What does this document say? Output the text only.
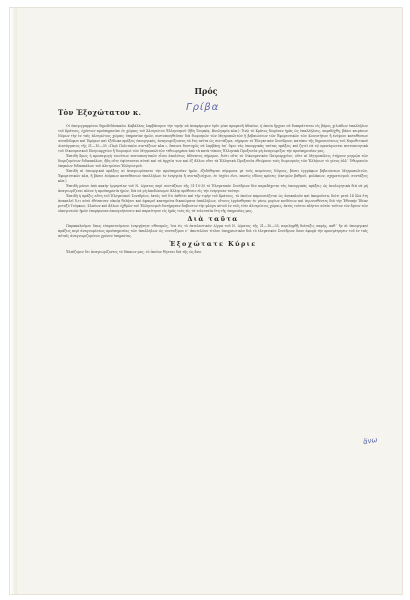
Πρός
Τὸν Ἐξοχώτατον κ.	Γρίβα
ἄνω

Οἱ ὑπογεγραμμένοι δημοδιδάσκαλοι Καβάλλας λαμβάνομεν τὴν τιμὴν νὰ ἀναφέρωμεν ὑμῖν μίαν προφανῆ ἀδικίαν, ἡ ὁποία ἤρχισε νὰ διαπράττεται εἰς βάρος χιλιάδων ὑπαλλήλων τοῦ Κράτους, ἐχόντων προϋπηρεσίαν ἐν χώραις τοῦ Ἀλυτρώτου Ἑλληνισμοῦ (ἤδη Τουρκίᾳ, Βουλγαρίᾳ κλπ.): Ἐνῷ τὸ Κράτος διορίσαν ἡμᾶς ὡς ὑπαλλήλους, παρεδέχθη, βάσει κειμένων Νόμων τὴν ἐν ταῖς ἀλυτρώτοις χώραις ὑπηρεσίαν ἡμῶν, πιστοποιηθεῖσαν διὰ διορισμῶν τῶν Μητροπολιτῶν ἢ βεβαιώσεων τῶν Ἐφορευτικῶν τῶν Κοινοτήτων ἢ ἐνόψιον καταθέσεων συναδέλφων καὶ Ἐφόρων καὶ ἐξέδωκε πράξεις ὑπουργικάς, ἀναγνωρίζουσας τὰ ἔτη ταῦτα ὡς συντάξιμα, σήμερον τὸ Ἐλεγκτικὸν Συνέδριον, κατόπιν τῆς δημοσιεύσεως τοῦ Νομοθετικοῦ Διατάγματος τῆς 31—10—35 «Περὶ Πολιτικῶν συντάξεων κλπ.», ἔπαυσε δυστυχῶς νὰ λαμβάνῃ ὑπ᾽ ὄψιν τὰς ὑπουργικὰς ταύτας πράξεις καὶ ζητεῖ νὰ τῷ προσάγωνται πιστοποιητικὰ τοῦ Οἰκουμενικοῦ Πατριαρχείου ἢ διορισμοὶ τῶν Μητροπολιτῶν τεθεωρημένα ἀπὸ τὰ κατὰ τόπους Ἑλληνικὰ Προξενεῖα μὴ ἀναγνωρίζον τὴν προϋπηρεσίαν μας.

Ἐπειδὴ δμως ἡ προσαγωγὴ τοιούτων πιστοποιητικῶν εἶναι ἀπολύτως ἀδύνατος σήμερον, διότι οὔτε τὸ Οἰκουμενικὸν Πατριαρχεῖον, οὔτε αἱ Μητροπόλεις ἐτήρουν μητρῷα τῶν διοριζομένων διδασκάλων, ἤδη οὔτε ὑφίστανται αὐταὶ καὶ τὰ ἀρχεῖα των καὶ ἐξ ἄλλου οὔτε τὰ Ἑλληνικὰ Προξενεῖα ἐθεώρουν τοὺς διορισμοὺς τῶν Ἑλλήνων τὸ γένος ἀλλ᾽ Ὀθωμανῶν ὑπηκόων διδασκάλων τοῦ ἀλυτρώτου Ἑλληνισμοῦ.

Ἐπειδὴ αἱ ὑπουργικαὶ πράξεις αἱ ἀναγνωρίσασαι τὴν προϋπηρεσίαν ἡμῶν, ἐξεδόθησαν σύμφωνα μὲ τοὺς κειμένους Νόμους, βάσει ἐγγράφων βεβαιώσεων Μητροπολιτῶν, Ἐφορευτικῶν κλπ, ἢ βάσει ἐνόρκων καταθέσεων ὑπαλλήλων ἐν ἐνεργείᾳ ἢ συνταξιούχων, ἐν ἰσχύει εἰσι, πανεὶς εἴδους κρίσεις (ἐκτιμῶν βαθμοῦ, φυλάκιον, σχηματισμοῦ, συντάξεις κλπ.)

Ἐπειδὴ μόνον ἀπὸ κακὴν ἑρμηνείαν τοῦ Ν. Δ/ματος περὶ συντάξεων τῆς 31-10-35 τὸ Ἐλεγκτικὸν Συνέδριον δὲν παραδέχεται τὰς ὑπουργικὰς πράξεις ὡς ἀνολογητικὰ διὰ νὰ μὴ ἀναγνωρίζεται πλέον ἡ προϋπηρεσία ἡμῶν, διὰ νὰ μὴ ἀποδώσωμεν ἄλλην πρόθεσιν εἰς τὴν ἐνέργειαν ταύτην.

Ἐπειδὴ ἡ πρᾶξις αὕτη τοῦ Ἐλεγκτικοῦ Συνεδρίου, ἐκτὸς τοῦ ὅτι ἐκθέτει καὶ τὴν τιμὴν τοῦ Κράτους, τὸ ὁποῖον παρουσιάζεται ὡς ἀνακαλοῦν καὶ ἀκυροῦντα, διότι μετὰ 14 ὅλα ἔτη ἀνακαλεῖ δ,τι αὐτὸ ἐθέσπισεν οἰκείᾳ θελήσει καὶ ἀφαιρεῖ κεκτημένα δικαιώματα ὑπαλλήλων, οἵτινες ἐργάσθησαν ἐν μέσῳ μυρίων κινδύνων καὶ ἀγωνισθέντες διὰ τὴν Ἐθνικὴν Ἰδέαν μεταξὺ Τούρκων, Σλαύων καὶ ἄλλων ἐχθρῶν τοῦ Ἑλληνισμοῦ διετήρησαν ἄσβεστον τὴν φλόγα αὐτοῦ ἐν ταῖς τότε ἀλυτρώτοις χώραις, ἐκτὸς τούτου πλήττει αὐτὸν τοῦτον τὸν ἄρτον τῶν οἰκογενειῶν ἡμῶν ἐπιφέρουσα ἀποογοήτευσιν καὶ παραίτησιν εἰς ἡμᾶς τοὺς εἰς τὰ τελευταῖα ἔτη τῆς ὑπηρεσίας μας,

Διὰ ταῦτα

Παρακαλοῦμεν ὅπως εὐαρεστούμενοι ἐνεργήσητε σθεναρῶς, ἵνα εἰς τὸ ἐκτελεστικὸν Δ/γμα τοῦ Ν. Δ/ματος τῆς 31—10—35, περιληφθῇ διάταξις σαφής, καθ᾽ ἣν αἱ ὑπουργικαὶ πράξεις περὶ ἀναγνωρίσεως προϋπηρεσίας τῶν ὑπαλλήλων ὡς συνταξίμου ν᾽ ἀποτελῶσι τίτλον ὑποχρεωτικὸν διὰ τὸ ἐλεγκτικὸν Συνέδριον ὅσον ἀφορᾷ τὴν προσμέτρησιν τοῦ ἐν ταῖς αὐταῖς ἀναγνωριζομένου χρόνου ὑπηρεσίας.

Ἐξοχώτατε Κύριε

Ἐλπίζομεν ὅτι ἀναγνωρίζοντες τὸ δίκαιον μας, τὸ ὁποῖον θίγεται διὰ τῆς ὡς ἄνω
